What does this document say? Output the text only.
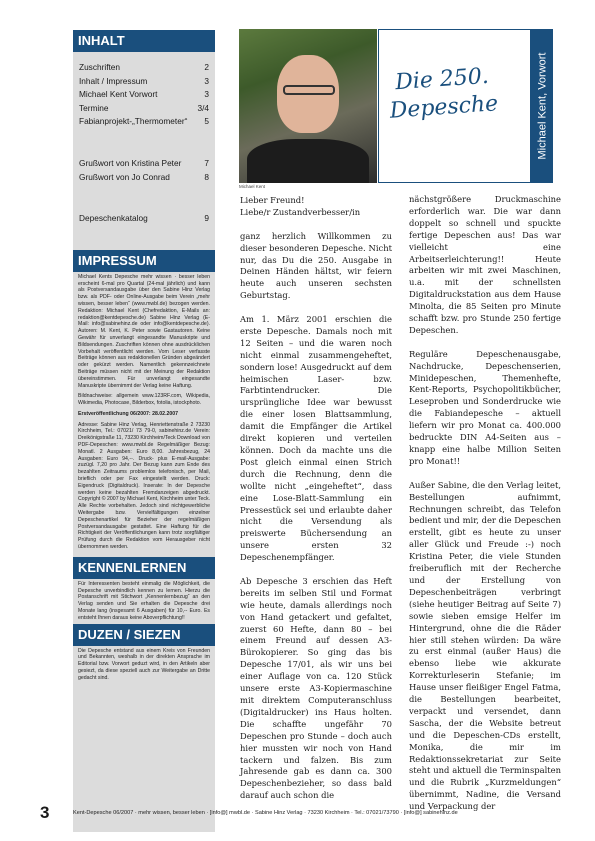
INHALT
Zuschriften	2
Inhalt / Impressum	3
Michael Kent Vorwort	3
Termine	3/4
Fabianprojekt-„Thermometer“ 5
Grußwort von Kristina Peter	7
Grußwort von Jo Conrad	8
Depeschenkatalog	9
IMPRESSUM

Michael Kents Depesche mehr wissen · besser leben erscheint 6-mal pro Quartal (24-mal jährlich) und kann als Postversandausgabe über den Sabine Hinz Verlag bzw. als PDF- oder Online-Ausgabe beim Verein „mehr wissen, besser leben“ (www.mwbl.de) bezogen werden. Redaktion: Michael Kent (Chefredaktion, E-Mails an: redaktion@kentdepesche.de) Sabine Hinz Verlag (E-Mail: info@sabinehinz.de oder info@kentdepesche.de). Autoren: M. Kent, K. Peter sowie Gastautoren. Keine Gewähr für unverlangt eingesandte Manuskripte und Bildsendungen. Zuschriften können ohne ausdrücklichen Vorbehalt veröffentlicht werden. Vom Leser verfasste Beiträge können aus redaktionellen Gründen abgeändert oder gekürzt werden. Namentlich gekennzeichnete Beiträge müssen nicht mit der Meinung der Redaktion übereinstimmen. Für unverlangt eingesandte Manuskripte übernimmt der Verlag keine Haftung.

Bildnachweise: allgemein www.123RF.com, Wikipedia, Wikimedia, Photocase, Bilderbox, fotolia, istockphoto.

Erstveröffentlichung 06/2007: 28.02.2007

Adresse: Sabine Hinz Verlag, Henriettenstraße 2 73230 Kirchheim, Tel.: 07021/ 73 79-0, sabinehinz.de Verein: Dreikönigstraße 11, 73230 Kirchheim/Teck Download von PDF-Depeschen: www.mwbl.de Regelmäßiger Bezug: Monatl. 2 Ausgaben: Euro 8,00. Jahresbezug, 24 Ausgaben: Euro 94,--. Druck- plus E-mail-Ausgabe: zuzügl. 7,20 pro Jahr. Der Bezug kann zum Ende des bezahlten Zeitraums problemlos telefonisch, per Mail, brieflich oder per Fax eingestellt werden. Druck: Eigendruck (Digitaldruck). Inserate: In der Depesche werden keine bezahlten Fremdanzeigen abgedruckt. Copyright © 2007 by Michael Kent, Kirchheim unter Teck. Alle Rechte vorbehalten. Jedoch sind nichtgewerbliche Weitergabe bzw. Vervielfältigungen einzelner Depeschenartikel für Bezieher der regelmäßigen Postversandausgabe gestattet. Eine Haftung für die Richtigkeit der Veröffentlichungen kann trotz sorgfältiger Prüfung durch die Redaktion vom Herausgeber nicht übernommen werden.

KENNENLERNEN
Für Interessenten besteht einmalig die Möglichkeit, die Depesche unverbindlich kennen zu lernen. Hierzu die Postanschrift mit Stichwort „Kennenlernbezug“ an den Verlag senden und Sie erhalten die Depesche drei Monate lang (insgesamt 6 Ausgaben) für 10,-- Euro. Es entsteht Ihnen daraus keine Aboverpflichtung!!
DUZEN / SIEZEN
Die Depesche entstand aus einem Kreis von Freunden und Bekannten, weshalb in der direkten Ansprache im Editorial bzw. Vorwort geduzt wird, in den Artikeln aber gesiezt, da diese speziell auch zur Weitergabe an Dritte gedacht sind.
Michael Kent
Die 250. Depesche	Michael Kent, Vorwort

Lieber Freund!
Liebe/r Zustandverbesser/in

ganz herzlich Willkommen zu dieser besonderen Depesche. Nicht nur, das Du die 250. Ausgabe in Deinen Händen hältst, wir feiern heute auch unseren sechsten Geburtstag.

Am 1. März 2001 erschien die erste Depesche. Damals noch mit 12 Seiten – und die waren noch nicht einmal zusammengeheftet, sondern lose! Ausgedruckt auf dem heimischen Laser- bzw. Farbtintendrucker. Die ursprüngliche Idee war bewusst die einer losen Blattsammlung, damit die Empfänger die Artikel direkt kopieren und verteilen können. Doch da machte uns die Post gleich einmal einen Strich durch die Rechnung, denn die wollte nicht „eingeheftet“, dass eine Lose-Blatt-Sammlung ein Pressestück sei und erlaubte daher nicht die Versendung als preiswerte Büchersendung an unsere ersten 32 Depeschenempfänger.

Ab Depesche 3 erschien das Heft bereits im selben Stil und Format wie heute, damals allerdings noch von Hand getackert und gefaltet, zuerst 60 Hefte, dann 80 – bei einem Freund auf dessen A3-Bürokopierer. So ging das bis Depesche 17/01, als wir uns bei einer Auflage von ca. 120 Stück unsere erste A3-Kopiermaschine mit direktem Computeranschluss (Digitaldrucker) ins Haus holten. Die schaffte ungefähr 70 Depeschen pro Stunde – doch auch hier mussten wir noch von Hand tackern und falzen. Bis zum Jahresende gab es dann ca. 300 Depeschenbezieher, so dass bald darauf auch schon die

nächstgrößere Druckmaschine erforderlich war. Die war dann doppelt so schnell und spuckte fertige Depeschen aus! Das war vielleicht eine Arbeitserleichterung!! Heute arbeiten wir mit zwei Maschinen, u.a. mit der schnellsten Digitaldruckstation aus dem Hause Minolta, die 85 Seiten pro Minute schafft bzw. pro Stunde 250 fertige Depeschen.

Reguläre Depeschenausgabe, Nachdrucke, Depeschenserien, Minidepeschen, Themenhefte, Kent-Reports, Psychopolitikbücher, Leseproben und Sonderdrucke wie die Fabiandepesche – aktuell liefern wir pro Monat ca. 400.000 bedruckte DIN A4-Seiten aus – knapp eine halbe Million Seiten pro Monat!!

Außer Sabine, die den Verlag leitet, Bestellungen aufnimmt, Rechnungen schreibt, das Telefon bedient und mir, der die Depeschen erstellt, gibt es heute zu unser aller Glück und Freude :-) noch Kristina Peter, die viele Stunden freiberuflich mit der Recherche und der Erstellung von Depeschenbeiträgen verbringt (siehe heutiger Beitrag auf Seite 7) sowie sieben emsige Helfer im Hintergrund, ohne die die Räder hier still stehen würden: Da wäre zu erst einmal (außer Haus) die ebenso liebe wie akkurate Korrekturleserin Stefanie; im Hause unser fleißiger Engel Fatma, die Bestellungen bearbeitet, verpackt und versendet, dann Sascha, der die Website betreut und die Depeschen-CDs erstellt, Monika, die mir im Redaktionssekretariat zur Seite steht und aktuell die Terminspalten und die Rubrik „Kurzmeldungen“ übernimmt, Nadine, die Versand und Verpackung der

3	Kent-Depesche 06/2007 · mehr wissen, besser leben · [info@] mwbl.de · Sabine Hinz Verlag · 73230 Kirchheim · Tel.: 07021/73790 · [info@] sabinehinz.de
